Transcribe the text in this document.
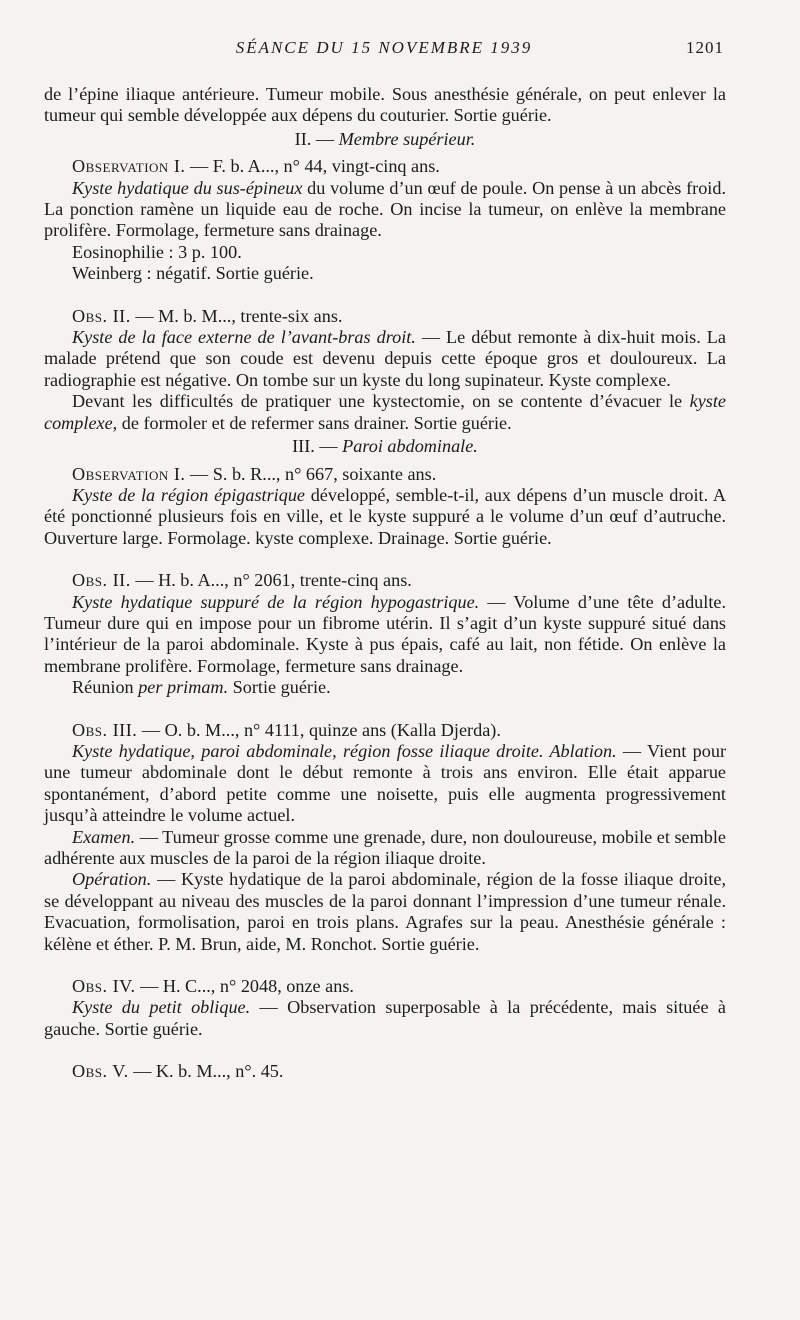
SÉANCE DU 15 NOVEMBRE 1939	1201

de l’épine iliaque antérieure. Tumeur mobile. Sous anesthésie générale, on peut enlever la tumeur qui semble développée aux dépens du couturier. Sortie guérie.

II. — Membre supérieur.

Observation I. — F. b. A..., n° 44, vingt-cinq ans.

Kyste hydatique du sus-épineux du volume d’un œuf de poule. On pense à un abcès froid. La ponction ramène un liquide eau de roche. On incise la tumeur, on enlève la membrane prolifère. Formolage, fermeture sans drainage.

Eosinophilie : 3 p. 100.

Weinberg : négatif. Sortie guérie.

Obs. II. — M. b. M..., trente-six ans.

Kyste de la face externe de l’avant-bras droit. — Le début remonte à dix-huit mois. La malade prétend que son coude est devenu depuis cette époque gros et douloureux. La radiographie est négative. On tombe sur un kyste du long supinateur. Kyste complexe.

Devant les difficultés de pratiquer une kystectomie, on se contente d’évacuer le kyste complexe, de formoler et de refermer sans drainer. Sortie guérie.

III. — Paroi abdominale.

Observation I. — S. b. R..., n° 667, soixante ans.

Kyste de la région épigastrique développé, semble-t-il, aux dépens d’un muscle droit. A été ponctionné plusieurs fois en ville, et le kyste suppuré a le volume d’un œuf d’autruche. Ouverture large. Formolage. kyste complexe. Drainage. Sortie guérie.

Obs. II. — H. b. A..., n° 2061, trente-cinq ans.

Kyste hydatique suppuré de la région hypogastrique. — Volume d’une tête d’adulte. Tumeur dure qui en impose pour un fibrome utérin. Il s’agit d’un kyste suppuré situé dans l’intérieur de la paroi abdominale. Kyste à pus épais, café au lait, non fétide. On enlève la membrane prolifère. Formolage, fermeture sans drainage.

Réunion per primam. Sortie guérie.

Obs. III. — O. b. M..., n° 4111, quinze ans (Kalla Djerda).

Kyste hydatique, paroi abdominale, région fosse iliaque droite. Ablation. — Vient pour une tumeur abdominale dont le début remonte à trois ans environ. Elle était apparue spontanément, d’abord petite comme une noisette, puis elle augmenta progressivement jusqu’à atteindre le volume actuel.

Examen. — Tumeur grosse comme une grenade, dure, non douloureuse, mobile et semble adhérente aux muscles de la paroi de la région iliaque droite.

Opération. — Kyste hydatique de la paroi abdominale, région de la fosse iliaque droite, se développant au niveau des muscles de la paroi donnant l’impression d’une tumeur rénale. Evacuation, formolisation, paroi en trois plans. Agrafes sur la peau. Anesthésie générale : kélène et éther. P. M. Brun, aide, M. Ronchot. Sortie guérie.

Obs. IV. — H. C..., n° 2048, onze ans.

Kyste du petit oblique. — Observation superposable à la précédente, mais située à gauche. Sortie guérie.

Obs. V. — K. b. M..., n°. 45.
